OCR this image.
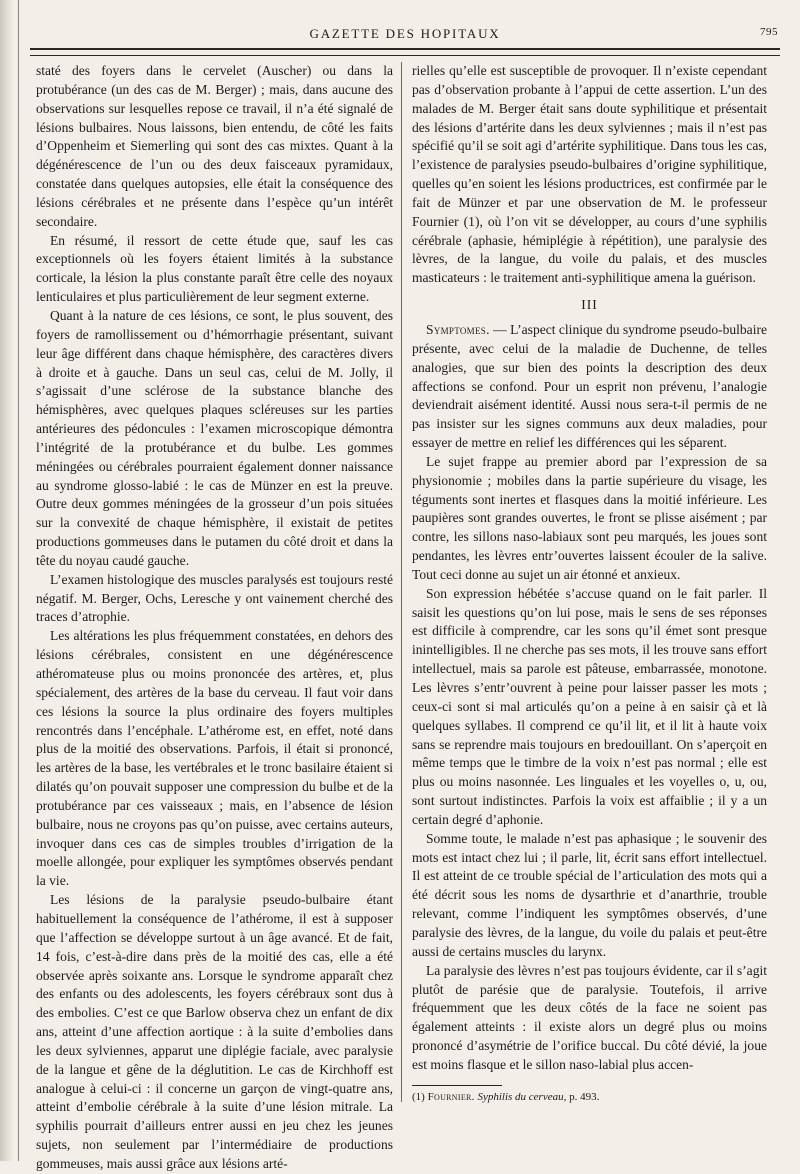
GAZETTE DES HOPITAUX	795

staté des foyers dans le cervelet (Auscher) ou dans la protubérance (un des cas de M. Berger) ; mais, dans aucune des observations sur lesquelles repose ce travail, il n’a été signalé de lésions bulbaires. Nous laissons, bien entendu, de côté les faits d’Oppenheim et Siemerling qui sont des cas mixtes. Quant à la dégénérescence de l’un ou des deux faisceaux pyramidaux, constatée dans quelques autopsies, elle était la conséquence des lésions cérébrales et ne présente dans l’espèce qu’un intérêt secondaire.

En résumé, il ressort de cette étude que, sauf les cas exceptionnels où les foyers étaient limités à la substance corticale, la lésion la plus constante paraît être celle des noyaux lenticulaires et plus particulièrement de leur segment externe.

Quant à la nature de ces lésions, ce sont, le plus souvent, des foyers de ramollissement ou d’hémorrhagie présentant, suivant leur âge différent dans chaque hémisphère, des caractères divers à droite et à gauche. Dans un seul cas, celui de M. Jolly, il s’agissait d’une sclérose de la substance blanche des hémisphères, avec quelques plaques scléreuses sur les parties antérieures des pédoncules : l’examen microscopique démontra l’intégrité de la protubérance et du bulbe. Les gommes méningées ou cérébrales pourraient également donner naissance au syndrome glosso-labié : le cas de Münzer en est la preuve. Outre deux gommes méningées de la grosseur d’un pois situées sur la convexité de chaque hémisphère, il existait de petites productions gommeuses dans le putamen du côté droit et dans la tête du noyau caudé gauche.

L’examen histologique des muscles paralysés est toujours resté négatif. M. Berger, Ochs, Leresche y ont vainement cherché des traces d’atrophie.

Les altérations les plus fréquemment constatées, en dehors des lésions cérébrales, consistent en une dégénérescence athéromateuse plus ou moins prononcée des artères, et, plus spécialement, des artères de la base du cerveau. Il faut voir dans ces lésions la source la plus ordinaire des foyers multiples rencontrés dans l’encéphale. L’athérome est, en effet, noté dans plus de la moitié des observations. Parfois, il était si prononcé, les artères de la base, les vertébrales et le tronc basilaire étaient si dilatés qu’on pouvait supposer une compression du bulbe et de la protubérance par ces vaisseaux ; mais, en l’absence de lésion bulbaire, nous ne croyons pas qu’on puisse, avec certains auteurs, invoquer dans ces cas de simples troubles d’irrigation de la moelle allongée, pour expliquer les symptômes observés pendant la vie.

Les lésions de la paralysie pseudo-bulbaire étant habituellement la conséquence de l’athérome, il est à supposer que l’affection se développe surtout à un âge avancé. Et de fait, 14 fois, c’est-à-dire dans près de la moitié des cas, elle a été observée après soixante ans. Lorsque le syndrome apparaît chez des enfants ou des adolescents, les foyers cérébraux sont dus à des embolies. C’est ce que Barlow observa chez un enfant de dix ans, atteint d’une affection aortique : à la suite d’embolies dans les deux sylviennes, apparut une diplégie faciale, avec paralysie de la langue et gêne de la déglutition. Le cas de Kirchhoff est analogue à celui-ci : il concerne un garçon de vingt-quatre ans, atteint d’embolie cérébrale à la suite d’une lésion mitrale. La syphilis pourrait d’ailleurs entrer aussi en jeu chez les jeunes sujets, non seulement par l’intermédiaire de productions gommeuses, mais aussi grâce aux lésions arté-

rielles qu’elle est susceptible de provoquer. Il n’existe cependant pas d’observation probante à l’appui de cette assertion. L’un des malades de M. Berger était sans doute syphilitique et présentait des lésions d’artérite dans les deux sylviennes ; mais il n’est pas spécifié qu’il se soit agi d’artérite syphilitique. Dans tous les cas, l’existence de paralysies pseudo-bulbaires d’origine syphilitique, quelles qu’en soient les lésions productrices, est confirmée par le fait de Münzer et par une observation de M. le professeur Fournier (1), où l’on vit se développer, au cours d’une syphilis cérébrale (aphasie, hémiplégie à répétition), une paralysie des lèvres, de la langue, du voile du palais, et des muscles masticateurs : le traitement anti-syphilitique amena la guérison.

III

Symptomes. — L’aspect clinique du syndrome pseudo-bulbaire présente, avec celui de la maladie de Duchenne, de telles analogies, que sur bien des points la description des deux affections se confond. Pour un esprit non prévenu, l’analogie deviendrait aisément identité. Aussi nous sera-t-il permis de ne pas insister sur les signes communs aux deux maladies, pour essayer de mettre en relief les différences qui les séparent.

Le sujet frappe au premier abord par l’expression de sa physionomie ; mobiles dans la partie supérieure du visage, les téguments sont inertes et flasques dans la moitié inférieure. Les paupières sont grandes ouvertes, le front se plisse aisément ; par contre, les sillons naso-labiaux sont peu marqués, les joues sont pendantes, les lèvres entr’ouvertes laissent écouler de la salive. Tout ceci donne au sujet un air étonné et anxieux.

Son expression hébétée s’accuse quand on le fait parler. Il saisit les questions qu’on lui pose, mais le sens de ses réponses est difficile à comprendre, car les sons qu’il émet sont presque inintelligibles. Il ne cherche pas ses mots, il les trouve sans effort intellectuel, mais sa parole est pâteuse, embarrassée, monotone. Les lèvres s’entr’ouvrent à peine pour laisser passer les mots ; ceux-ci sont si mal articulés qu’on a peine à en saisir çà et là quelques syllabes. Il comprend ce qu’il lit, et il lit à haute voix sans se reprendre mais toujours en bredouillant. On s’aperçoit en même temps que le timbre de la voix n’est pas normal ; elle est plus ou moins nasonnée. Les linguales et les voyelles o, u, ou, sont surtout indistinctes. Parfois la voix est affaiblie ; il y a un certain degré d’aphonie.

Somme toute, le malade n’est pas aphasique ; le souvenir des mots est intact chez lui ; il parle, lit, écrit sans effort intellectuel. Il est atteint de ce trouble spécial de l’articulation des mots qui a été décrit sous les noms de dysarthrie et d’anarthrie, trouble relevant, comme l’indiquent les symptômes observés, d’une paralysie des lèvres, de la langue, du voile du palais et peut-être aussi de certains muscles du larynx.

La paralysie des lèvres n’est pas toujours évidente, car il s’agit plutôt de parésie que de paralysie. Toutefois, il arrive fréquemment que les deux côtés de la face ne soient pas également atteints : il existe alors un degré plus ou moins prononcé d’asymétrie de l’orifice buccal. Du côté dévié, la joue est moins flasque et le sillon naso-labial plus accen-

(1) Fournier. Syphilis du cerveau, p. 493.
